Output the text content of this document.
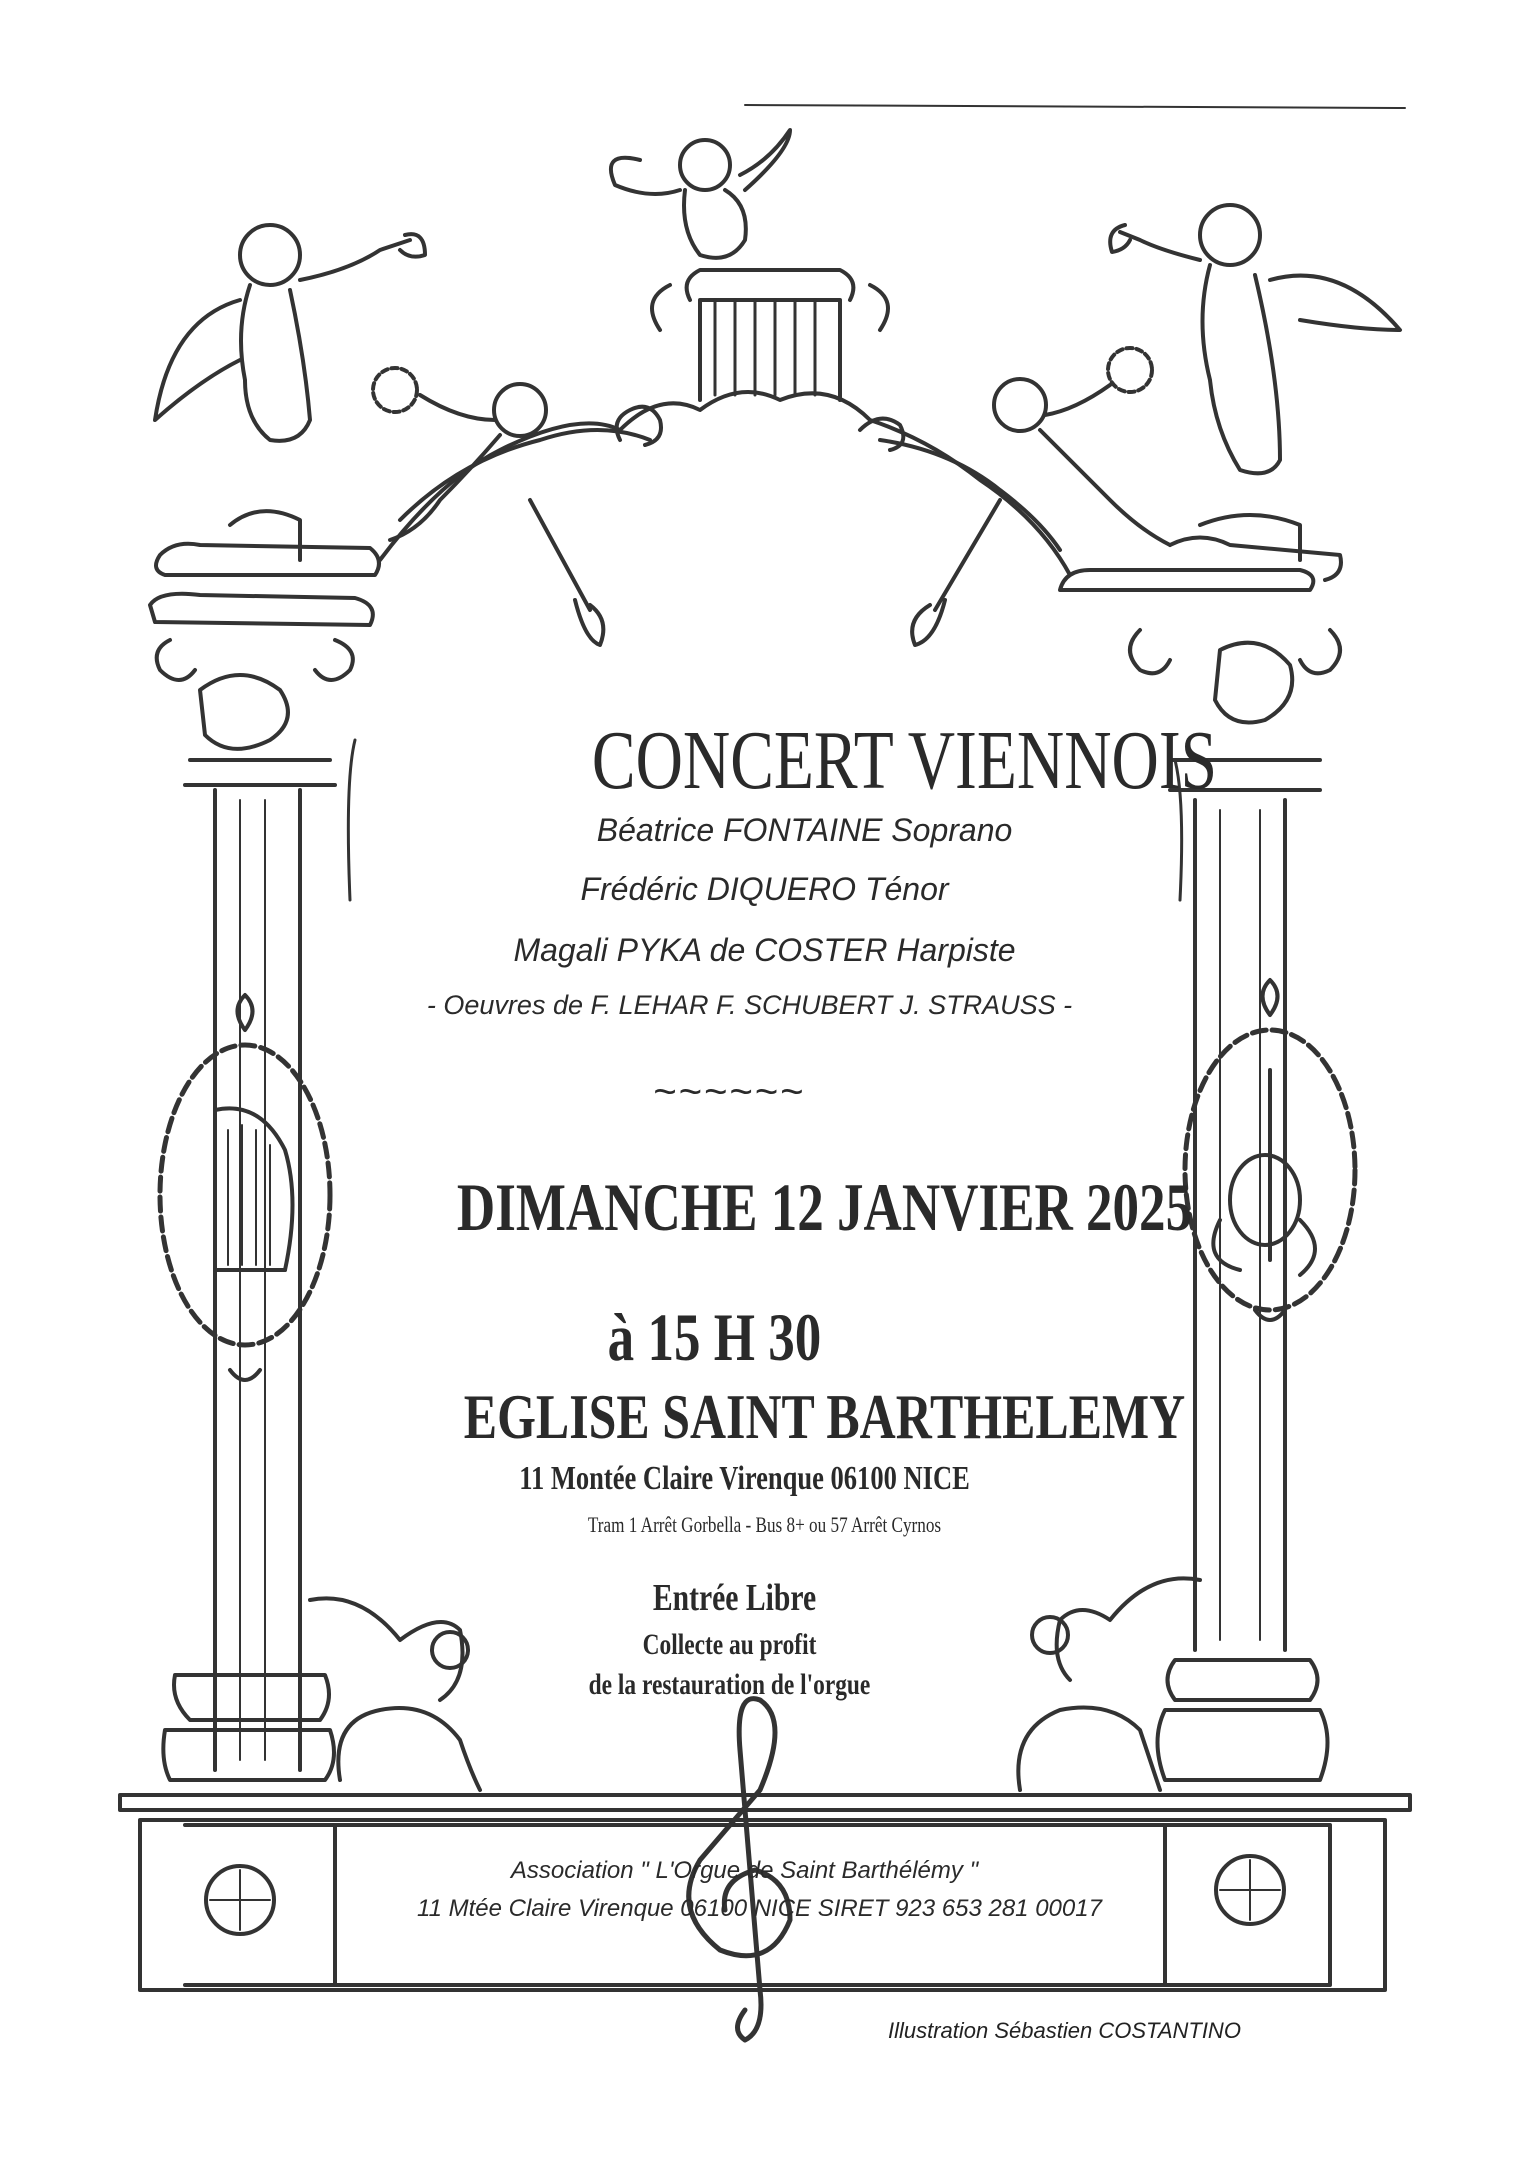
CONCERT VIENNOIS
Béatrice FONTAINE Soprano
Frédéric DIQUERO Ténor
Magali PYKA de COSTER Harpiste
- Oeuvres de F. LEHAR F. SCHUBERT J. STRAUSS -
~~~~~~
DIMANCHE 12 JANVIER 2025
à 15 H 30
EGLISE SAINT BARTHELEMY
11 Montée Claire Virenque 06100 NICE
Tram 1 Arrêt Gorbella - Bus 8+ ou 57 Arrêt Cyrnos
Entrée Libre
Collecte au profit
de la restauration de l'orgue
Association " L'Orgue de Saint Barthélémy "
11 Mtée Claire Virenque 06100 NICE SIRET 923 653 281 00017
Illustration Sébastien COSTANTINO
